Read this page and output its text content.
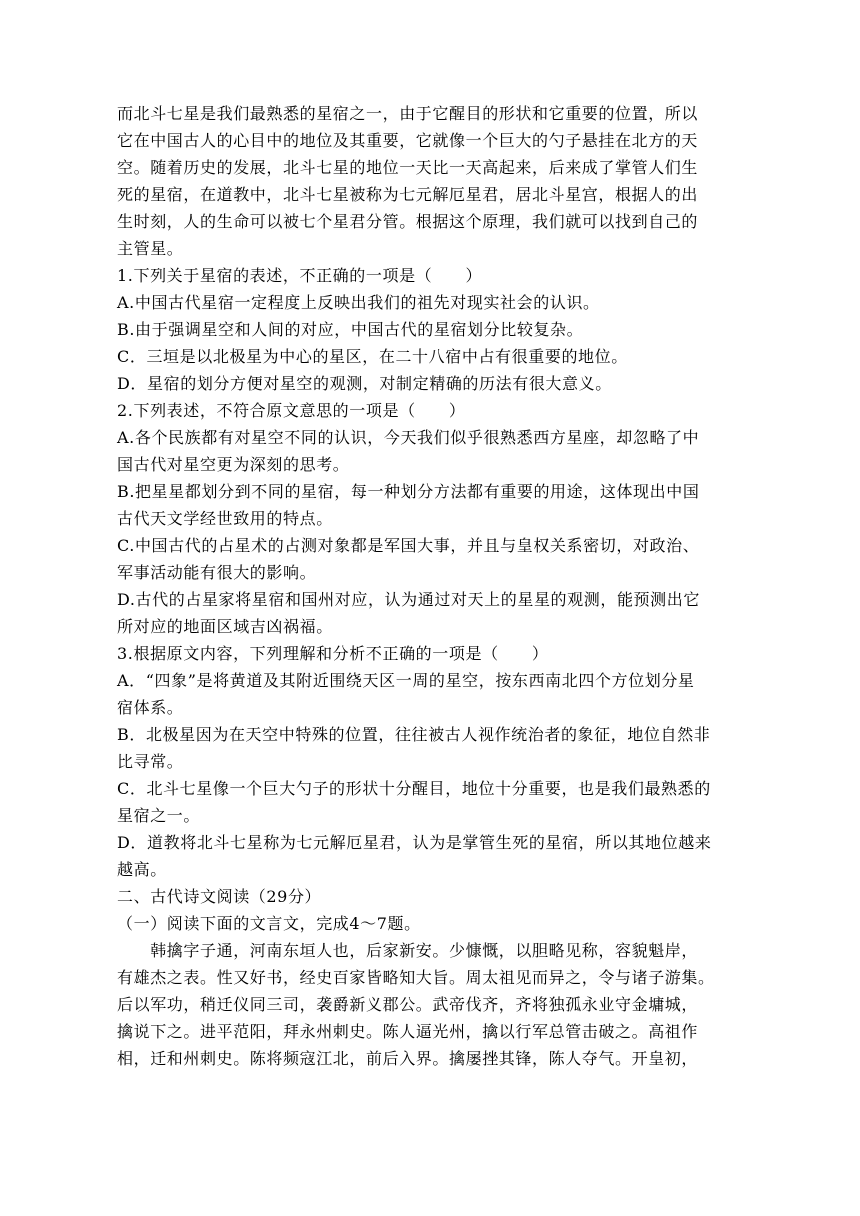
而北斗七星是我们最熟悉的星宿之一，由于它醒目的形状和它重要的位置，所以
它在中国古人的心目中的地位及其重要，它就像一个巨大的勺子悬挂在北方的天
空。随着历史的发展，北斗七星的地位一天比一天高起来，后来成了掌管人们生
死的星宿，在道教中，北斗七星被称为七元解厄星君，居北斗星宫，根据人的出
生时刻，人的生命可以被七个星君分管。根据这个原理，我们就可以找到自己的
主管星。
1.下列关于星宿的表述，不正确的一项是（　　）
A.中国古代星宿一定程度上反映出我们的祖先对现实社会的认识。
B.由于强调星空和人间的对应，中国古代的星宿划分比较复杂。
C．三垣是以北极星为中心的星区，在二十八宿中占有很重要的地位。
D．星宿的划分方便对星空的观测，对制定精确的历法有很大意义。
2.下列表述，不符合原文意思的一项是（　　）
A.各个民族都有对星空不同的认识，今天我们似乎很熟悉西方星座，却忽略了中
国古代对星空更为深刻的思考。
B.把星星都划分到不同的星宿，每一种划分方法都有重要的用途，这体现出中国
古代天文学经世致用的特点。
C.中国古代的占星术的占测对象都是军国大事，并且与皇权关系密切，对政治、
军事活动能有很大的影响。
D.古代的占星家将星宿和国州对应，认为通过对天上的星星的观测，能预测出它
所对应的地面区域吉凶祸福。
3.根据原文内容，下列理解和分析不正确的一项是（　　）
A．“四象”是将黄道及其附近围绕天区一周的星空，按东西南北四个方位划分星
宿体系。
B．北极星因为在天空中特殊的位置，往往被古人视作统治者的象征，地位自然非
比寻常。
C．北斗七星像一个巨大勺子的形状十分醒目，地位十分重要，也是我们最熟悉的
星宿之一。
D．道教将北斗七星称为七元解厄星君，认为是掌管生死的星宿，所以其地位越来
越高。
二、古代诗文阅读（29分）
（一）阅读下面的文言文，完成4～7题。
　　韩擒字子通，河南东垣人也，后家新安。少慷慨，以胆略见称，容貌魁岸，
有雄杰之表。性又好书，经史百家皆略知大旨。周太祖见而异之，令与诸子游集。
后以军功，稍迁仪同三司，袭爵新义郡公。武帝伐齐，齐将独孤永业守金墉城，
擒说下之。进平范阳，拜永州刺史。陈人逼光州，擒以行军总管击破之。高祖作
相，迁和州刺史。陈将频寇江北，前后入界。擒屡挫其锋，陈人夺气。开皇初，
